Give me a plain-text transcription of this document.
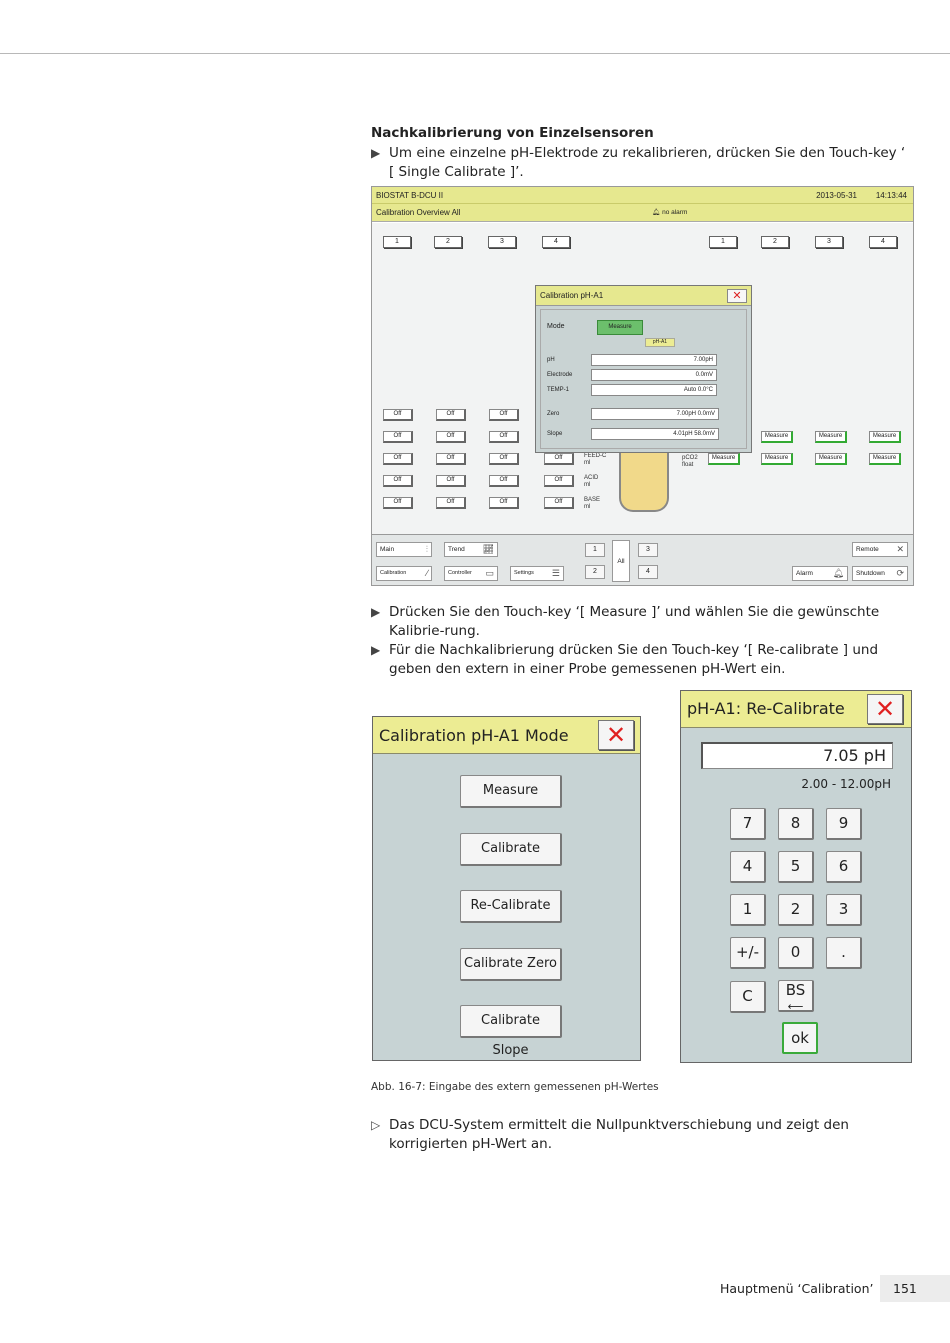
Nachkalibrierung von Einzelsensoren
▶ Um eine einzelne pH-Elektrode zu rekalibrieren, drücken Sie den Touch-key ‘ [ Single Calibrate ]’.
BIOSTAT B-DCU II	2013-05-31 14:13:44
Calibration Overview All	🔔︎ no alarm
1	2	3	4	1	2	3	4
Off	Off	Off
Off	Off	Off
Off	Off	Off	Off
Off	Off	Off	Off
Off	Off	Off	Off
FEED-C
ml
ACID
ml
BASE
ml
pCO2
float
Measure	Measure	Measure
Measure	Measure	Measure	Measure
Calibration pH-A1	✕
Mode	Measure
pH-A1
pH	7.00pH
Electrode	0.0mV
TEMP-1	Auto 0.0°C
Zero	7.00pH 0.0mV
Slope	4.01pH 58.0mV
Main	⫶	Trend 📈︎
Calibration ∕	Controller ▭	Settings ☰
1	3
2	4
All
Remote ✕
Alarm 🔔︎	Shutdown ⟳
▶ Drücken Sie den Touch-key ‘[ Measure ]’ und wählen Sie die gewünschte Kalibrie-rung.
▶ Für die Nachkalibrierung drücken Sie den Touch-key ‘[ Re-calibrate ] und geben den extern in einer Probe gemessenen pH-Wert ein.
Calibration pH-A1 Mode	✕
Measure
Calibrate
Re-Calibrate
Calibrate Zero
Calibrate Slope
pH-A1: Re-Calibrate	✕
7.05 pH
2.00 - 12.00pH
7	8	9
4	5	6
1	2	3
+/-	0	.
C	BS
⟵
ok
Abb. 16-7: Eingabe des extern gemessenen pH-Wertes
▷ Das DCU-System ermittelt die Nullpunktverschiebung und zeigt den korrigierten pH-Wert an.
Hauptmenü ‘Calibration’	151
